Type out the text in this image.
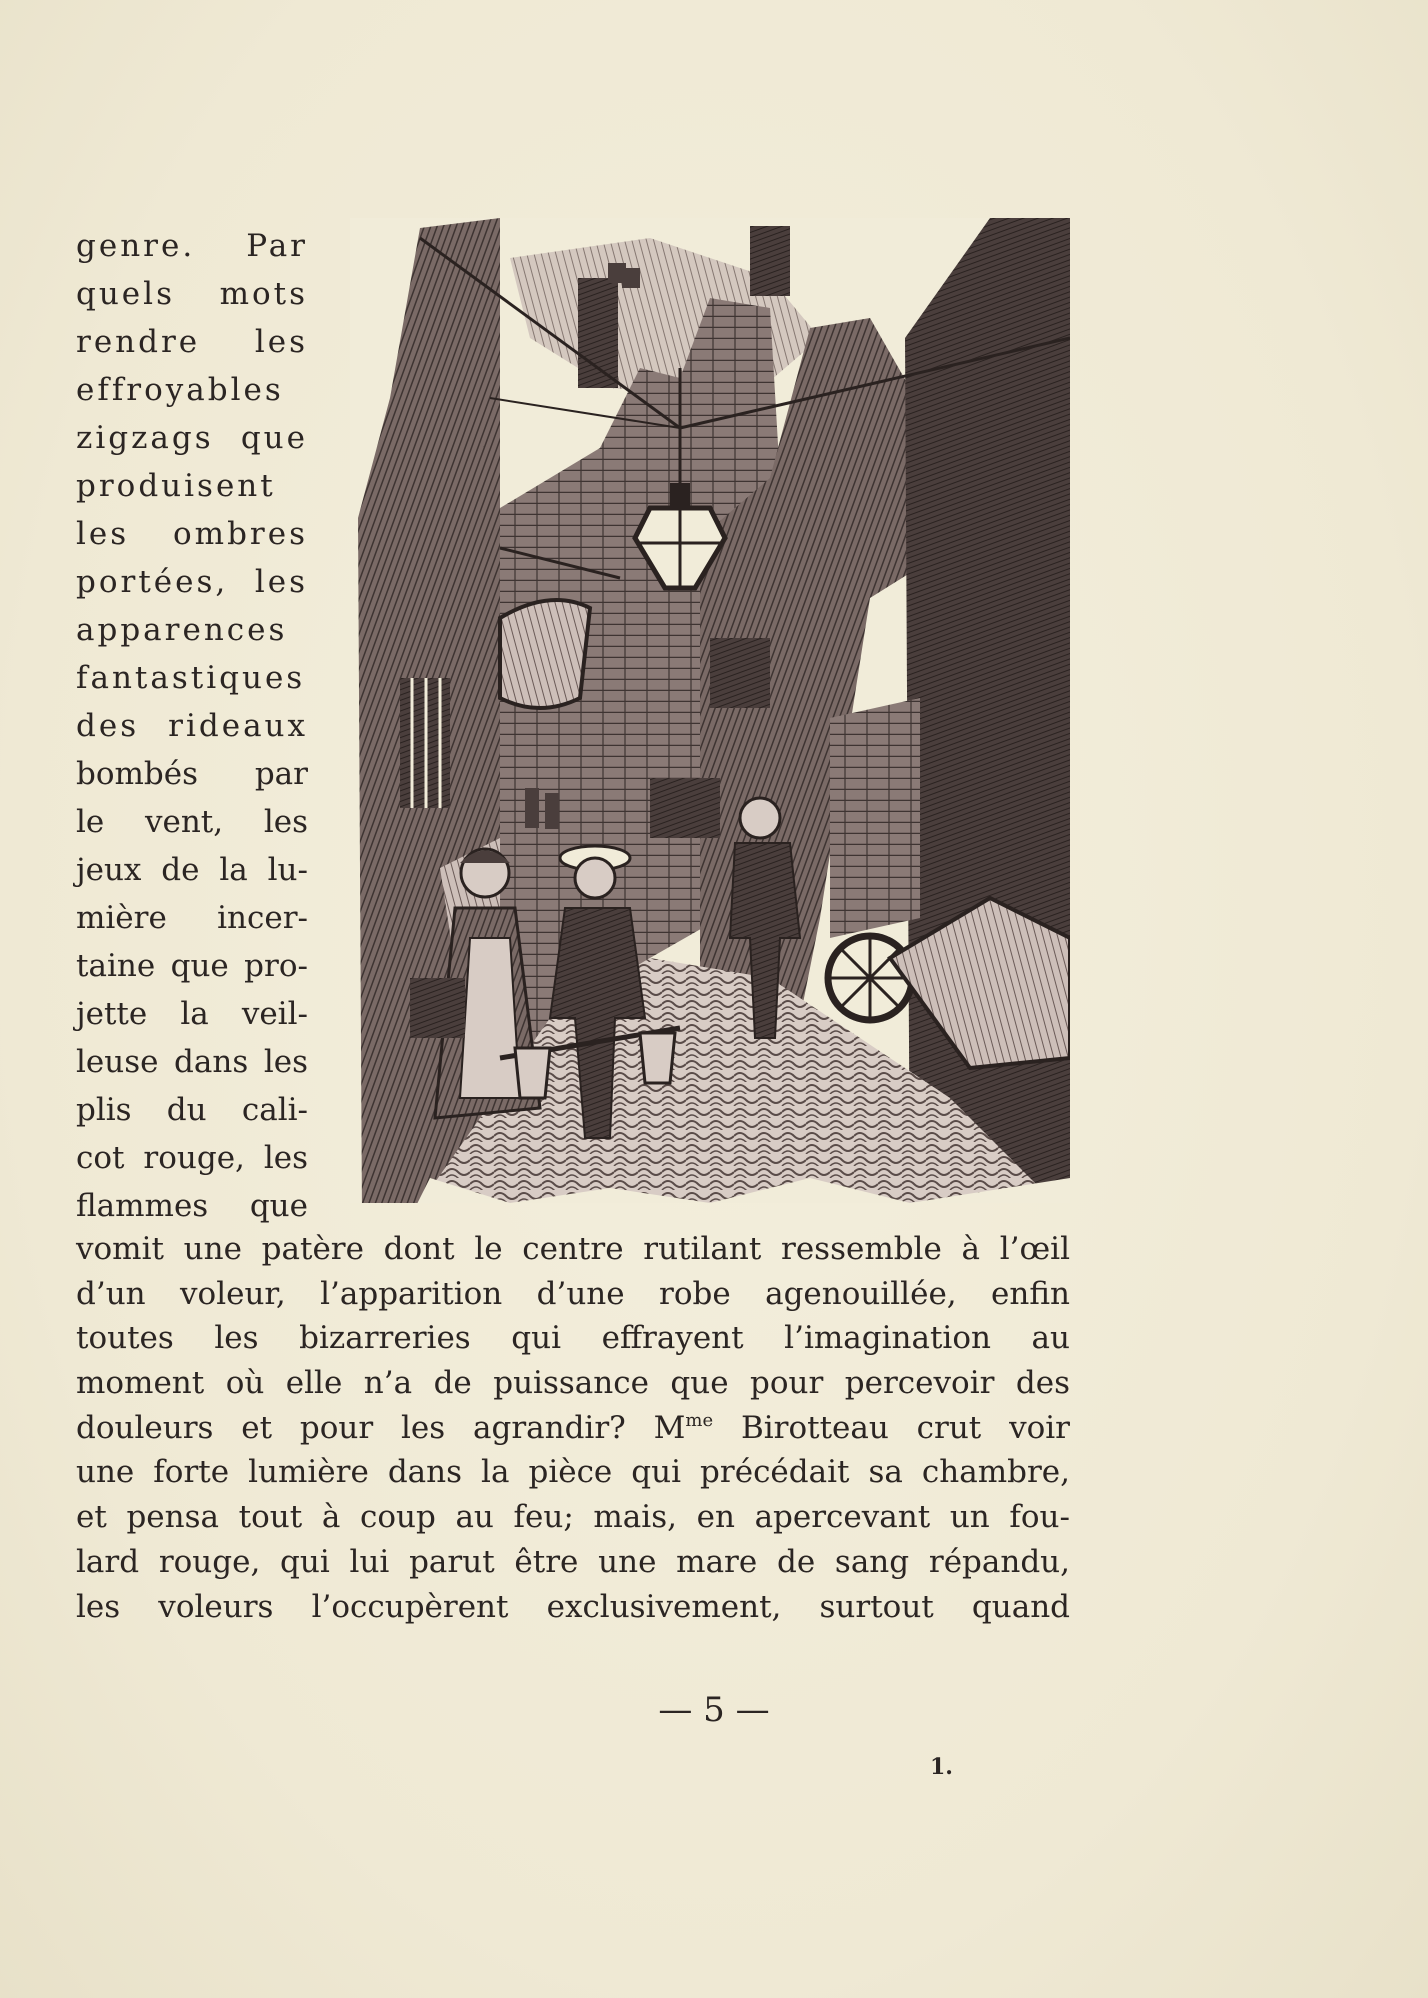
genre. Par
quels mots
rendre les
effroyables
zigzags que
produisent
les ombres
portées, les
apparences
fantastiques
des rideaux
bombés par
le vent, les
jeux de la lu-
mière incer-
taine que pro-
jette la veil-
leuse dans les
plis du cali-
cot rouge, les
flammes que
vomit une patère dont le centre rutilant ressemble à l’œil
d’un voleur, l’apparition d’une robe agenouillée, enfin
toutes les bizarreries qui effrayent l’imagination au
moment où elle n’a de puissance que pour percevoir des
douleurs et pour les agrandir? $M^{me}$ Birotteau crut voir
une forte lumière dans la pièce qui précédait sa chambre,
et pensa tout à coup au feu; mais, en apercevant un fou-
lard rouge, qui lui parut être une mare de sang répandu,
les voleurs l’occupèrent exclusivement, surtout quand
— 5 —
1.
